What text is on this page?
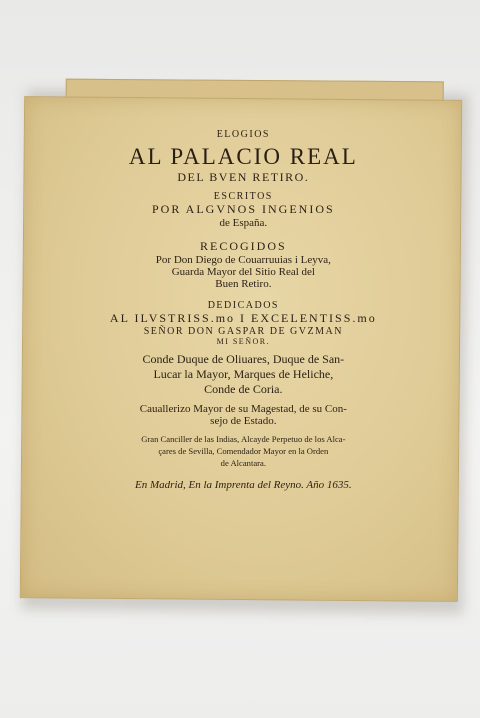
ELOGIOS
AL PALACIO REAL
DEL BVEN RETIRO.
ESCRITOS
POR ALGVNOS INGENIOS
de España.
RECOGIDOS
Por Don Diego de Couarruuias i Leyva,
Guarda Mayor del Sitio Real del
Buen Retiro.
DEDICADOS
AL ILVSTRISS.mo I EXCELENTISS.mo
SEÑOR DON GASPAR DE GVZMAN
MI SEÑOR.
Conde Duque de Oliuares, Duque de San-
Lucar la Mayor, Marques de Heliche,
Conde de Coria.
Cauallerizo Mayor de su Magestad, de su Con-
sejo de Estado.
Gran Canciller de las Indias, Alcayde Perpetuo de los Alca-
çares de Sevilla, Comendador Mayor en la Orden
de Alcantara.
En Madrid, En la Imprenta del Reyno. Año 1635.
